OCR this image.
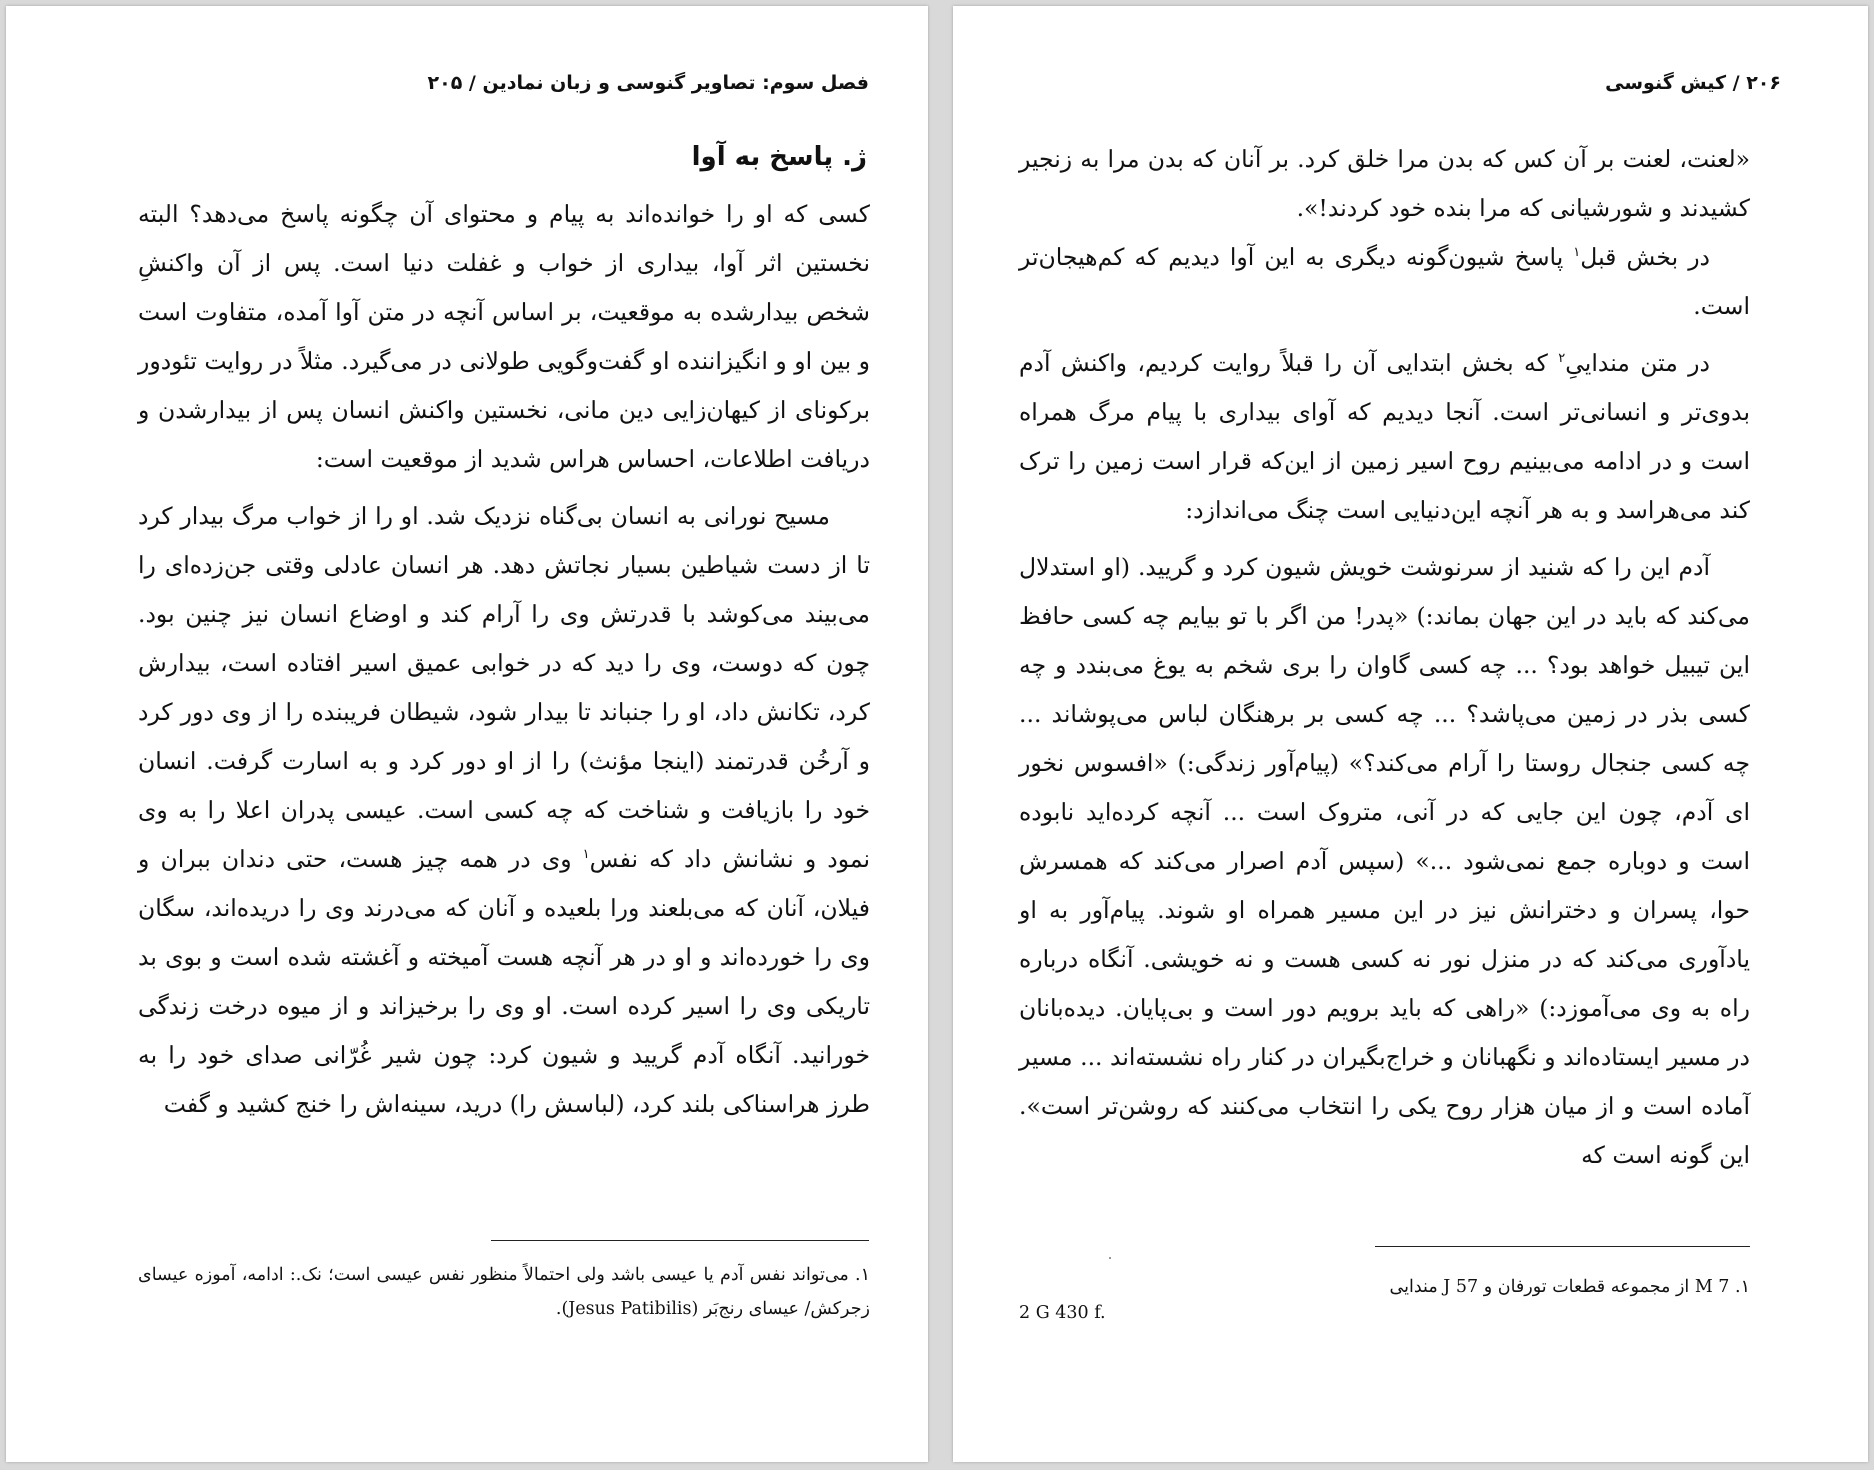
فصل سوم: تصاویر گنوسی و زبان نمادین / ۲۰۵
ژ. پاسخ به آوا

کسی که او را خوانده‌اند به پیام و محتوای آن چگونه پاسخ می‌دهد؟ البته نخستین اثر آوا، بیداری از خواب و غفلت دنیا است. پس از آن واکنشِ شخص بیدارشده به موقعیت، بر اساس آنچه در متن آوا آمده، متفاوت است و بین او و انگیزاننده او گفت‌وگویی طولانی در می‌گیرد. مثلاً در روایت تئودور برکونای از کیهان‌زایی دین مانی، نخستین واکنش انسان پس از بیدارشدن و دریافت اطلاعات، احساس هراس شدید از موقعیت است:

مسیح نورانی به انسان بی‌گناه نزدیک شد. او را از خواب مرگ بیدار کرد تا از دست شیاطین بسیار نجاتش دهد. هر انسان عادلی وقتی جن‌زده‌ای را می‌بیند می‌کوشد با قدرتش وی را آرام کند و اوضاع انسان نیز چنین بود. چون که دوست، وی را دید که در خوابی عمیق اسیر افتاده است، بیدارش کرد، تکانش داد، او را جنباند تا بیدار شود، شیطان فریبنده را از وی دور کرد و آرخُن قدرتمند (اینجا مؤنث) را از او دور کرد و به اسارت گرفت. انسان خود را بازیافت و شناخت که چه کسی است. عیسی پدران اعلا را به وی نمود و نشانش داد که نفس$^۱$ وی در همه چیز هست، حتی دندان ببران و فیلان، آنان که می‌بلعند ورا بلعیده و آنان که می‌درند وی را دریده‌اند، سگان وی را خورده‌اند و او در هر آنچه هست آمیخته و آغشته شده است و بوی بد تاریکی وی را اسیر کرده است. او وی را برخیزاند و از میوه درخت زندگی خورانید. آنگاه آدم گریید و شیون کرد: چون شیر غُرّانی صدای خود را به طرز هراسناکی بلند کرد، (لباسش را) درید، سینه‌اش را خنج کشید و گفت

۱. می‌تواند نفس آدم یا عیسی باشد ولی احتمالاً منظور نفس عیسی است؛ نک.: ادامه، آموزه عیسای زجرکش/ عیسای رنج‌بَر (Jesus Patibilis).
۲۰۶ / کیش گنوسی

«لعنت، لعنت بر آن کس که بدن مرا خلق کرد. بر آنان که بدن مرا به زنجیر کشیدند و شورشیانی که مرا بنده خود کردند!».

در بخش قبل$^۱$ پاسخ شیون‌گونه دیگری به این آوا دیدیم که کم‌هیجان‌تر است.

در متن منداییِ$^۲$ که بخش ابتدایی آن را قبلاً روایت کردیم، واکنش آدم بدوی‌تر و انسانی‌تر است. آنجا دیدیم که آوای بیداری با پیام مرگ همراه است و در ادامه می‌بینیم روح اسیر زمین از این‌که قرار است زمین را ترک کند می‌هراسد و به هر آنچه این‌دنیایی است چنگ می‌اندازد:

آدم این را که شنید از سرنوشت خویش شیون کرد و گریید. (او استدلال می‌کند که باید در این جهان بماند:) «پدر! من اگر با تو بیایم چه کسی حافظ این تیبیل خواهد بود؟ ... چه کسی گاوان را بری شخم به یوغ می‌بندد و چه کسی بذر در زمین می‌پاشد؟ ... چه کسی بر برهنگان لباس می‌پوشاند ... چه کسی جنجال روستا را آرام می‌کند؟» (پیام‌آور زندگی:) «افسوس نخور ای آدم، چون این جایی که در آنی، متروک است ... آنچه کرده‌اید نابوده است و دوباره جمع نمی‌شود ...» (سپس آدم اصرار می‌کند که همسرش حوا، پسران و دخترانش نیز در این مسیر همراه او شوند. پیام‌آور به او یادآوری می‌کند که در منزل نور نه کسی هست و نه خویشی. آنگاه درباره راه به وی می‌آموزد:) «راهی که باید برویم دور است و بی‌پایان. دیده‌بانان در مسیر ایستاده‌اند و نگهبانان و خراج‌بگیران در کنار راه نشسته‌اند ... مسیر آماده است و از میان هزار روح یکی را انتخاب می‌کنند که روشن‌تر است». این گونه است که

۱. M 7 از مجموعه قطعات تورفان و J 57 مندایی
2 G 430 f.
